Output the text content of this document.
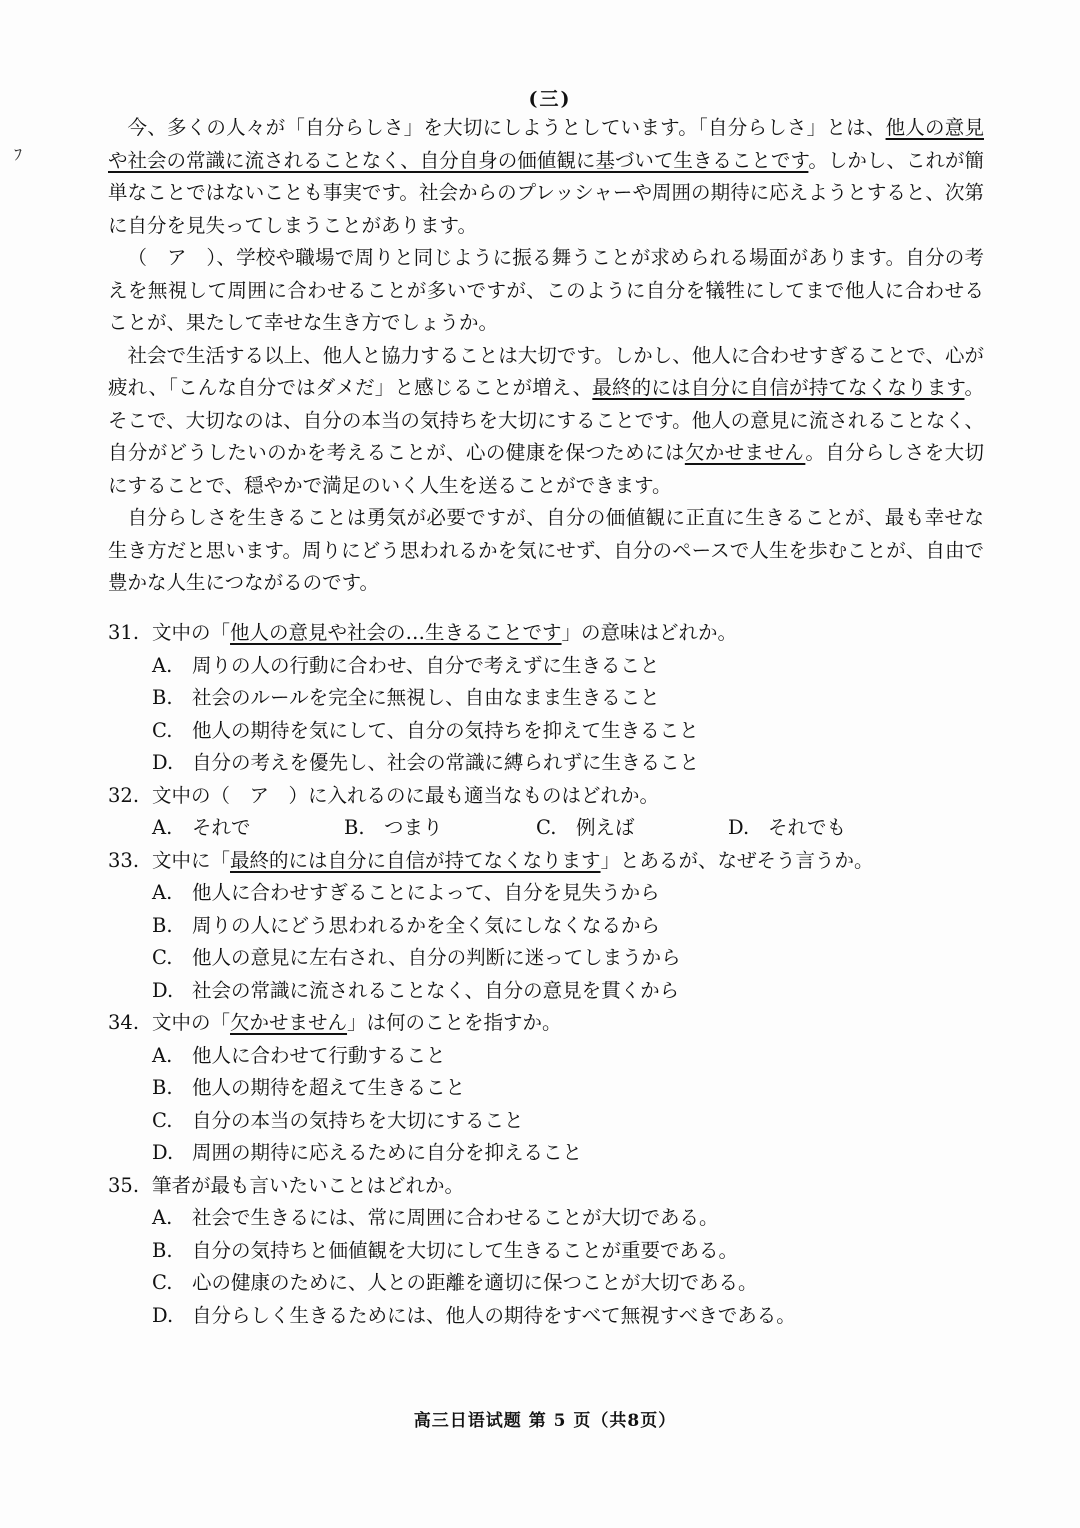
ﾌ
(三)

今、多くの人々が「自分らしさ」を大切にしようとしています。「自分らしさ」とは、他人の意見や社会の常識に流されることなく、自分自身の価値観に基づいて生きることです。しかし、これが簡単なことではないことも事実です。社会からのプレッシャーや周囲の期待に応えようとすると、次第に自分を見失ってしまうことがあります。

（　ア　）、学校や職場で周りと同じように振る舞うことが求められる場面があります。自分の考えを無視して周囲に合わせることが多いですが、このように自分を犠牲にしてまで他人に合わせることが、果たして幸せな生き方でしょうか。

社会で生活する以上、他人と協力することは大切です。しかし、他人に合わせすぎることで、心が疲れ、「こんな自分ではダメだ」と感じることが増え、最終的には自分に自信が持てなくなります。そこで、大切なのは、自分の本当の気持ちを大切にすることです。他人の意見に流されることなく、自分がどうしたいのかを考えることが、心の健康を保つためには欠かせません。自分らしさを大切にすることで、穏やかで満足のいく人生を送ることができます。

自分らしさを生きることは勇気が必要ですが、自分の価値観に正直に生きることが、最も幸せな生き方だと思います。周りにどう思われるかを気にせず、自分のペースで人生を歩むことが、自由で豊かな人生につながるのです。

31. 文中の「他人の意見や社会の…生きることです」の意味はどれか。
A. 周りの人の行動に合わせ、自分で考えずに生きること
B. 社会のルールを完全に無視し、自由なまま生きること
C. 他人の期待を気にして、自分の気持ちを抑えて生きること
D. 自分の考えを優先し、社会の常識に縛られずに生きること
32. 文中の（　ア　）に入れるのに最も適当なものはどれか。
A. それで	B. つまり	C. 例えば	D. それでも
33. 文中に「最終的には自分に自信が持てなくなります」とあるが、なぜそう言うか。
A. 他人に合わせすぎることによって、自分を見失うから
B. 周りの人にどう思われるかを全く気にしなくなるから
C. 他人の意見に左右され、自分の判断に迷ってしまうから
D. 社会の常識に流されることなく、自分の意見を貫くから
34. 文中の「欠かせません」は何のことを指すか。
A. 他人に合わせて行動すること
B. 他人の期待を超えて生きること
C. 自分の本当の気持ちを大切にすること
D. 周囲の期待に応えるために自分を抑えること
35. 筆者が最も言いたいことはどれか。
A. 社会で生きるには、常に周囲に合わせることが大切である。
B. 自分の気持ちと価値観を大切にして生きることが重要である。
C. 心の健康のために、人との距離を適切に保つことが大切である。
D. 自分らしく生きるためには、他人の期待をすべて無視すべきである。
高三日语试题 第 5 页（共8页）
